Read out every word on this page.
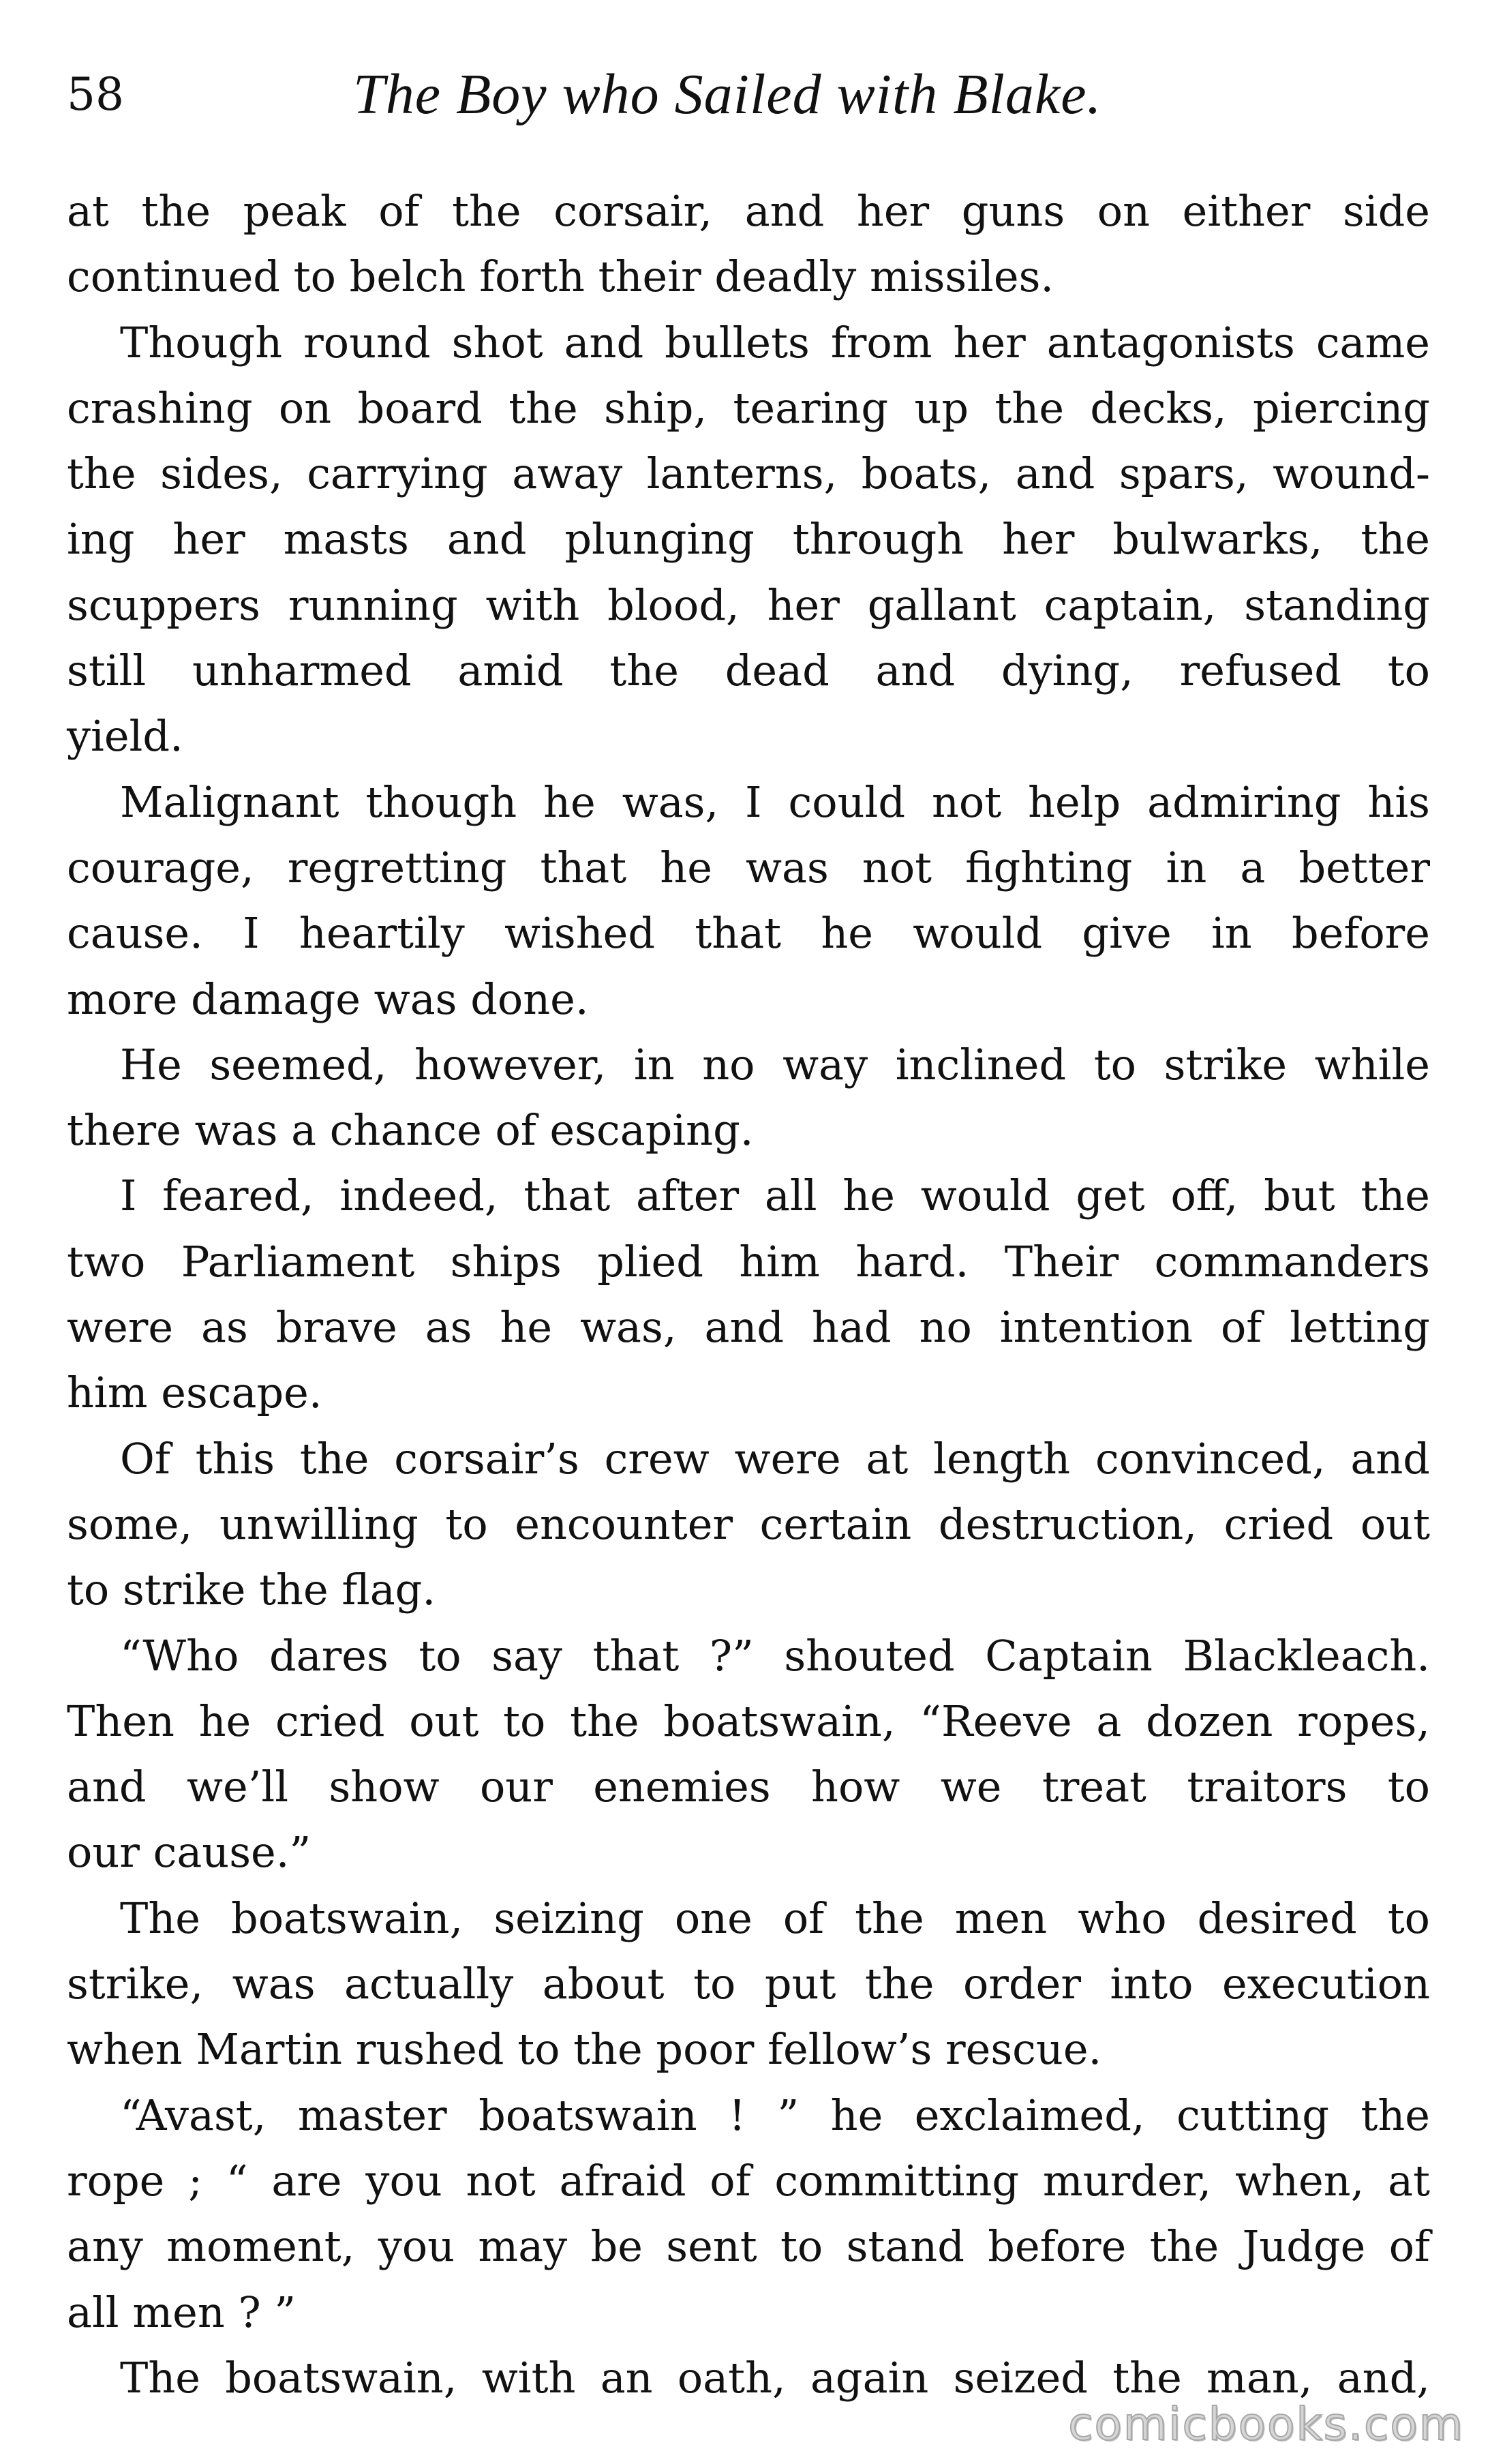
58	The Boy who Sailed with Blake.
at the peak of the corsair, and her guns on either side
continued to belch forth their deadly missiles.
Though round shot and bullets from her antagonists came
crashing on board the ship, tearing up the decks, piercing
the sides, carrying away lanterns, boats, and spars, wound-
ing her masts and plunging through her bulwarks, the
scuppers running with blood, her gallant captain, standing
still unharmed amid the dead and dying, refused to
yield.
Malignant though he was, I could not help admiring his
courage, regretting that he was not fighting in a better
cause. I heartily wished that he would give in before
more damage was done.
He seemed, however, in no way inclined to strike while
there was a chance of escaping.
I feared, indeed, that after all he would get off, but the
two Parliament ships plied him hard. Their commanders
were as brave as he was, and had no intention of letting
him escape.
Of this the corsair’s crew were at length convinced, and
some, unwilling to encounter certain destruction, cried out
to strike the flag.
“Who dares to say that ?” shouted Captain Blackleach.
Then he cried out to the boatswain, “Reeve a dozen ropes,
and we’ll show our enemies how we treat traitors to
our cause.”
The boatswain, seizing one of the men who desired to
strike, was actually about to put the order into execution
when Martin rushed to the poor fellow’s rescue.
“Avast, master boatswain ! ” he exclaimed, cutting the
rope ; “ are you not afraid of committing murder, when, at
any moment, you may be sent to stand before the Judge of
all men ? ”
The boatswain, with an oath, again seized the man, and,
comicbooks.com
